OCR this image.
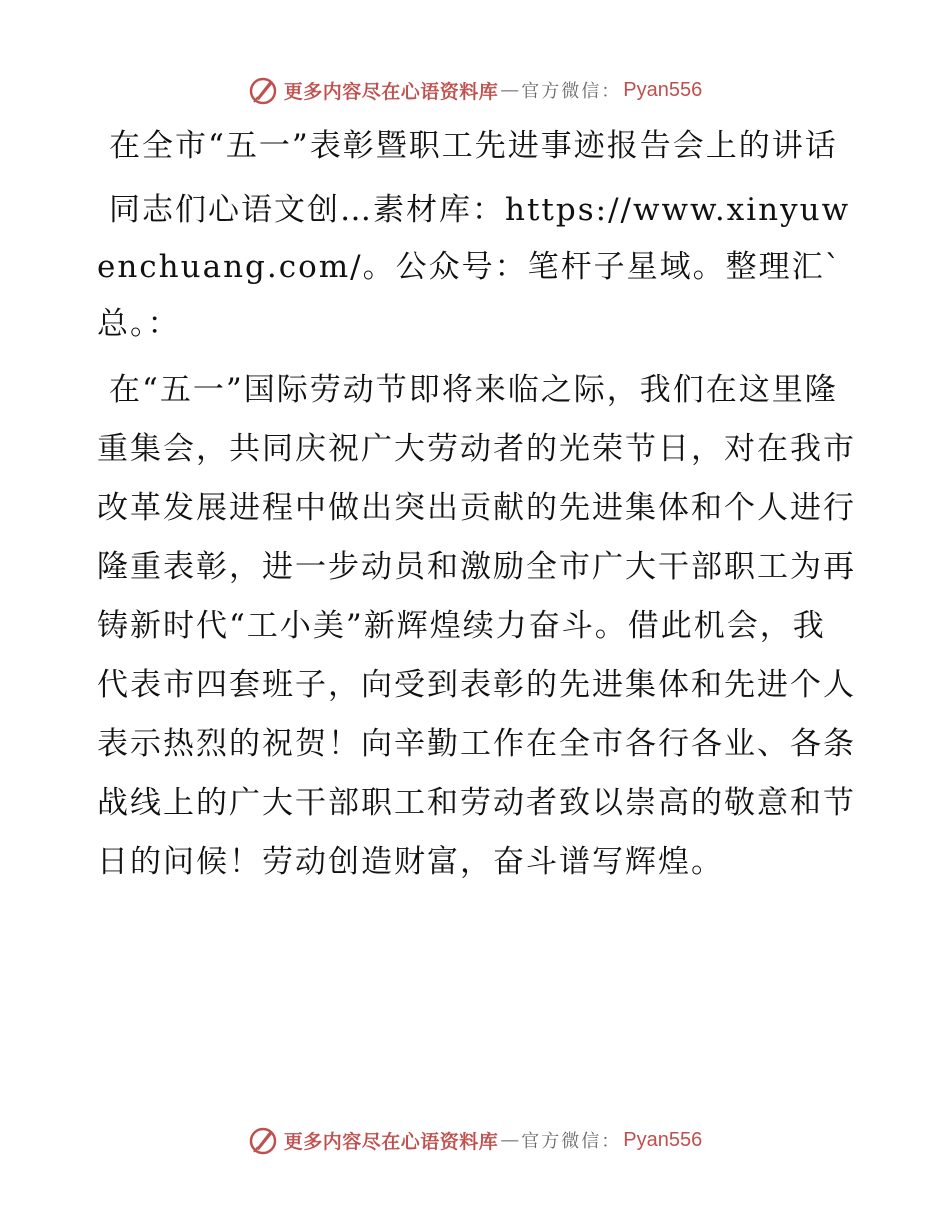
更多内容尽在心语资料库 — 官方微信： Pyan556

在全市“五一”表彰暨职工先进事迹报告会上的讲话

同志们心语文创…素材库：https://www.xinyuwenchuang.com/。公众号：笔杆子星域。整理汇`总。：

在“五一”国际劳动节即将来临之际，我们在这里隆重集会，共同庆祝广大劳动者的光荣节日，对在我市改革发展进程中做出突出贡献的先进集体和个人进行隆重表彰，进一步动员和激励全市广大干部职工为再铸新时代“工小美”新辉煌续力奋斗。借此机会，我代表市四套班子，向受到表彰的先进集体和先进个人表示热烈的祝贺！向辛勤工作在全市各行各业、各条战线上的广大干部职工和劳动者致以崇高的敬意和节日的问候！劳动创造财富，奋斗谱写辉煌。

更多内容尽在心语资料库 — 官方微信： Pyan556
